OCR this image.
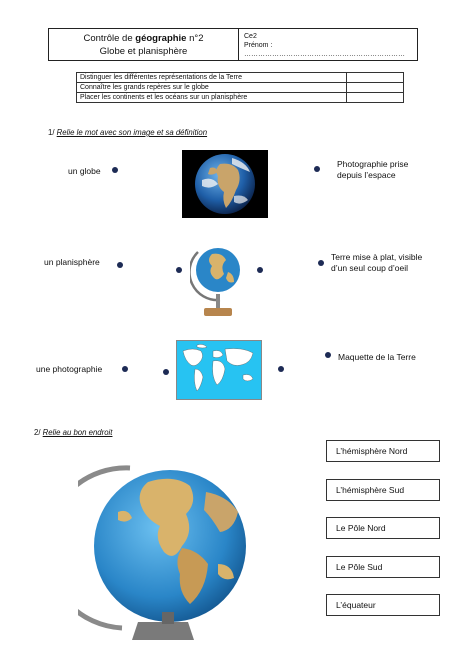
Contrôle de géographie n°2
Globe et planisphère
Ce2
Prénom : ……………………………………………………………
Distinguer les différentes représentations de la Terre	
Connaître les grands repères sur le globe	
Placer les continents et les océans sur un planisphère	
1/ Relie le mot avec son image et sa définition
un globe
Photographie prise
depuis l’espace
un planisphère	Terre mise à plat, visible
d’un seul coup d’oeil
une photographie
Maquette de la Terre
2/ Relie au bon endroit
L’hémisphère Nord
L’hémisphère Sud
Le Pôle Nord
Le Pôle Sud
L’équateur
